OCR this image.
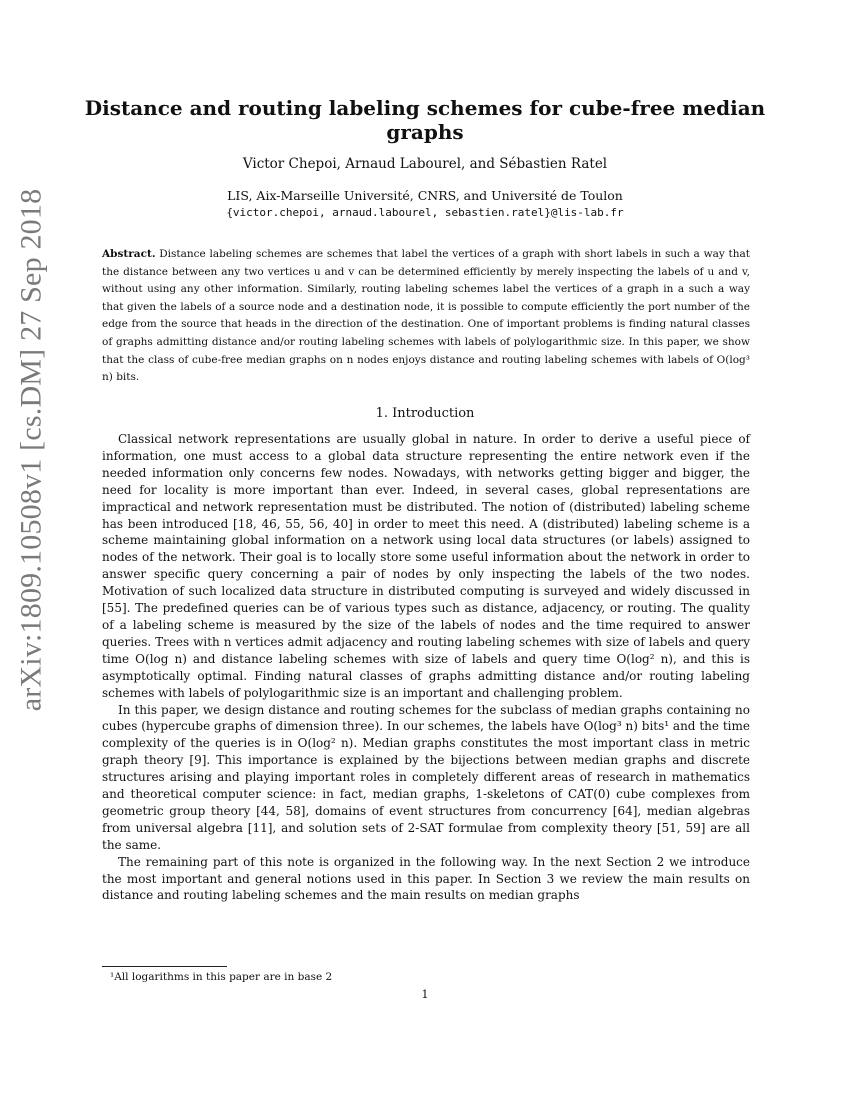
arXiv:1809.10508v1 [cs.DM] 27 Sep 2018
Distance and routing labeling schemes for cube-free median graphs
Victor Chepoi, Arnaud Labourel, and Sébastien Ratel
LIS, Aix-Marseille Université, CNRS, and Université de Toulon
{victor.chepoi, arnaud.labourel, sebastien.ratel}@lis-lab.fr

Abstract. Distance labeling schemes are schemes that label the vertices of a graph with short labels in such a way that the distance between any two vertices u and v can be determined efficiently by merely inspecting the labels of u and v, without using any other information. Similarly, routing labeling schemes label the vertices of a graph in a such a way that given the labels of a source node and a destination node, it is possible to compute efficiently the port number of the edge from the source that heads in the direction of the destination. One of important problems is finding natural classes of graphs admitting distance and/or routing labeling schemes with labels of polylogarithmic size. In this paper, we show that the class of cube-free median graphs on n nodes enjoys distance and routing labeling schemes with labels of O(log³ n) bits.

1. Introduction

Classical network representations are usually global in nature. In order to derive a useful piece of information, one must access to a global data structure representing the entire network even if the needed information only concerns few nodes. Nowadays, with networks getting bigger and bigger, the need for locality is more important than ever. Indeed, in several cases, global representations are impractical and network representation must be distributed. The notion of (distributed) labeling scheme has been introduced [18, 46, 55, 56, 40] in order to meet this need. A (distributed) labeling scheme is a scheme maintaining global information on a network using local data structures (or labels) assigned to nodes of the network. Their goal is to locally store some useful information about the network in order to answer specific query concerning a pair of nodes by only inspecting the labels of the two nodes. Motivation of such localized data structure in distributed computing is surveyed and widely discussed in [55]. The predefined queries can be of various types such as distance, adjacency, or routing. The quality of a labeling scheme is measured by the size of the labels of nodes and the time required to answer queries. Trees with n vertices admit adjacency and routing labeling schemes with size of labels and query time O(log n) and distance labeling schemes with size of labels and query time O(log² n), and this is asymptotically optimal. Finding natural classes of graphs admitting distance and/or routing labeling schemes with labels of polylogarithmic size is an important and challenging problem.

In this paper, we design distance and routing schemes for the subclass of median graphs containing no cubes (hypercube graphs of dimension three). In our schemes, the labels have O(log³ n) bits¹ and the time complexity of the queries is in O(log² n). Median graphs constitutes the most important class in metric graph theory [9]. This importance is explained by the bijections between median graphs and discrete structures arising and playing important roles in completely different areas of research in mathematics and theoretical computer science: in fact, median graphs, 1-skeletons of CAT(0) cube complexes from geometric group theory [44, 58], domains of event structures from concurrency [64], median algebras from universal algebra [11], and solution sets of 2-SAT formulae from complexity theory [51, 59] are all the same.

The remaining part of this note is organized in the following way. In the next Section 2 we introduce the most important and general notions used in this paper. In Section 3 we review the main results on distance and routing labeling schemes and the main results on median graphs

¹All logarithms in this paper are in base 2
1
